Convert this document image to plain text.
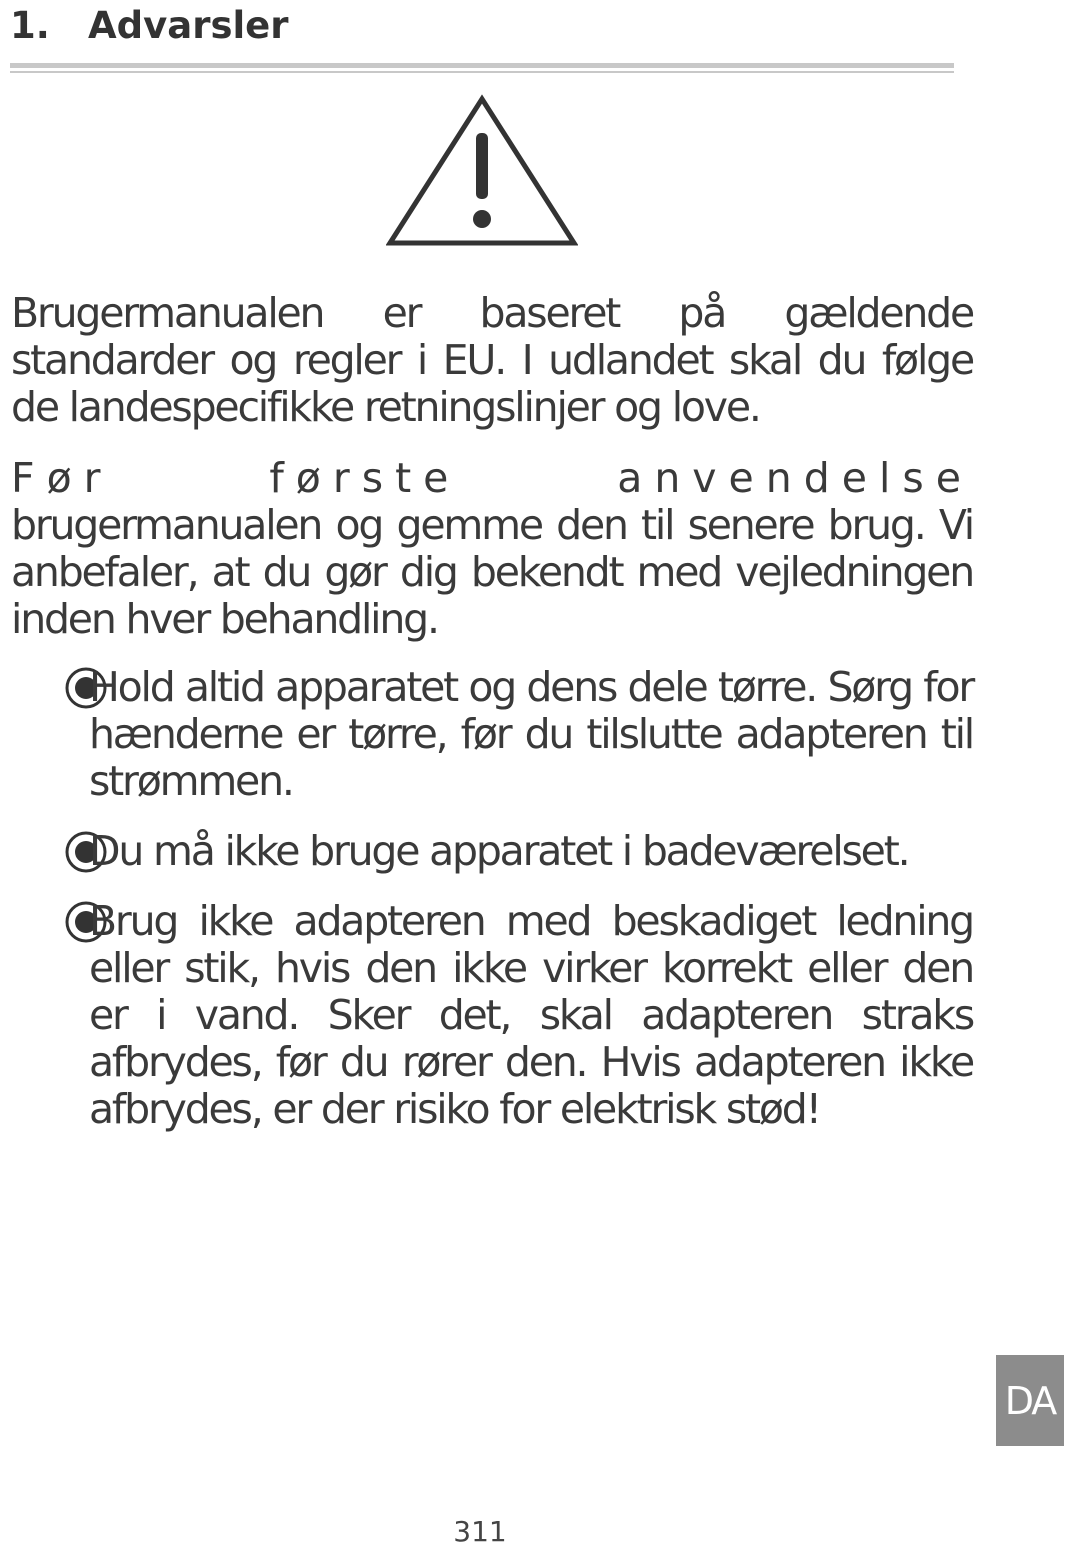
1. Advarsler

Brugermanualen er baseret på gældende standarder og regler i EU. I udlandet skal du følge de landespecifikke retningslinjer og love.

Før første anvendelse brugermanualen og gemme den til senere brug. Vi anbefaler, at du gør dig bekendt med vejledningen inden hver behandling.

Hold altid apparatet og dens dele tørre. Sørg for hænderne er tørre, før du tilslutte adapteren til strømmen.

Du må ikke bruge apparatet i badeværelset.

Brug ikke adapteren med beskadiget ledning eller stik, hvis den ikke virker korrekt eller den er i vand. Sker det, skal adapteren straks afbrydes, før du rører den. Hvis adapteren ikke afbrydes, er der risiko for elektrisk stød!

DA
311
